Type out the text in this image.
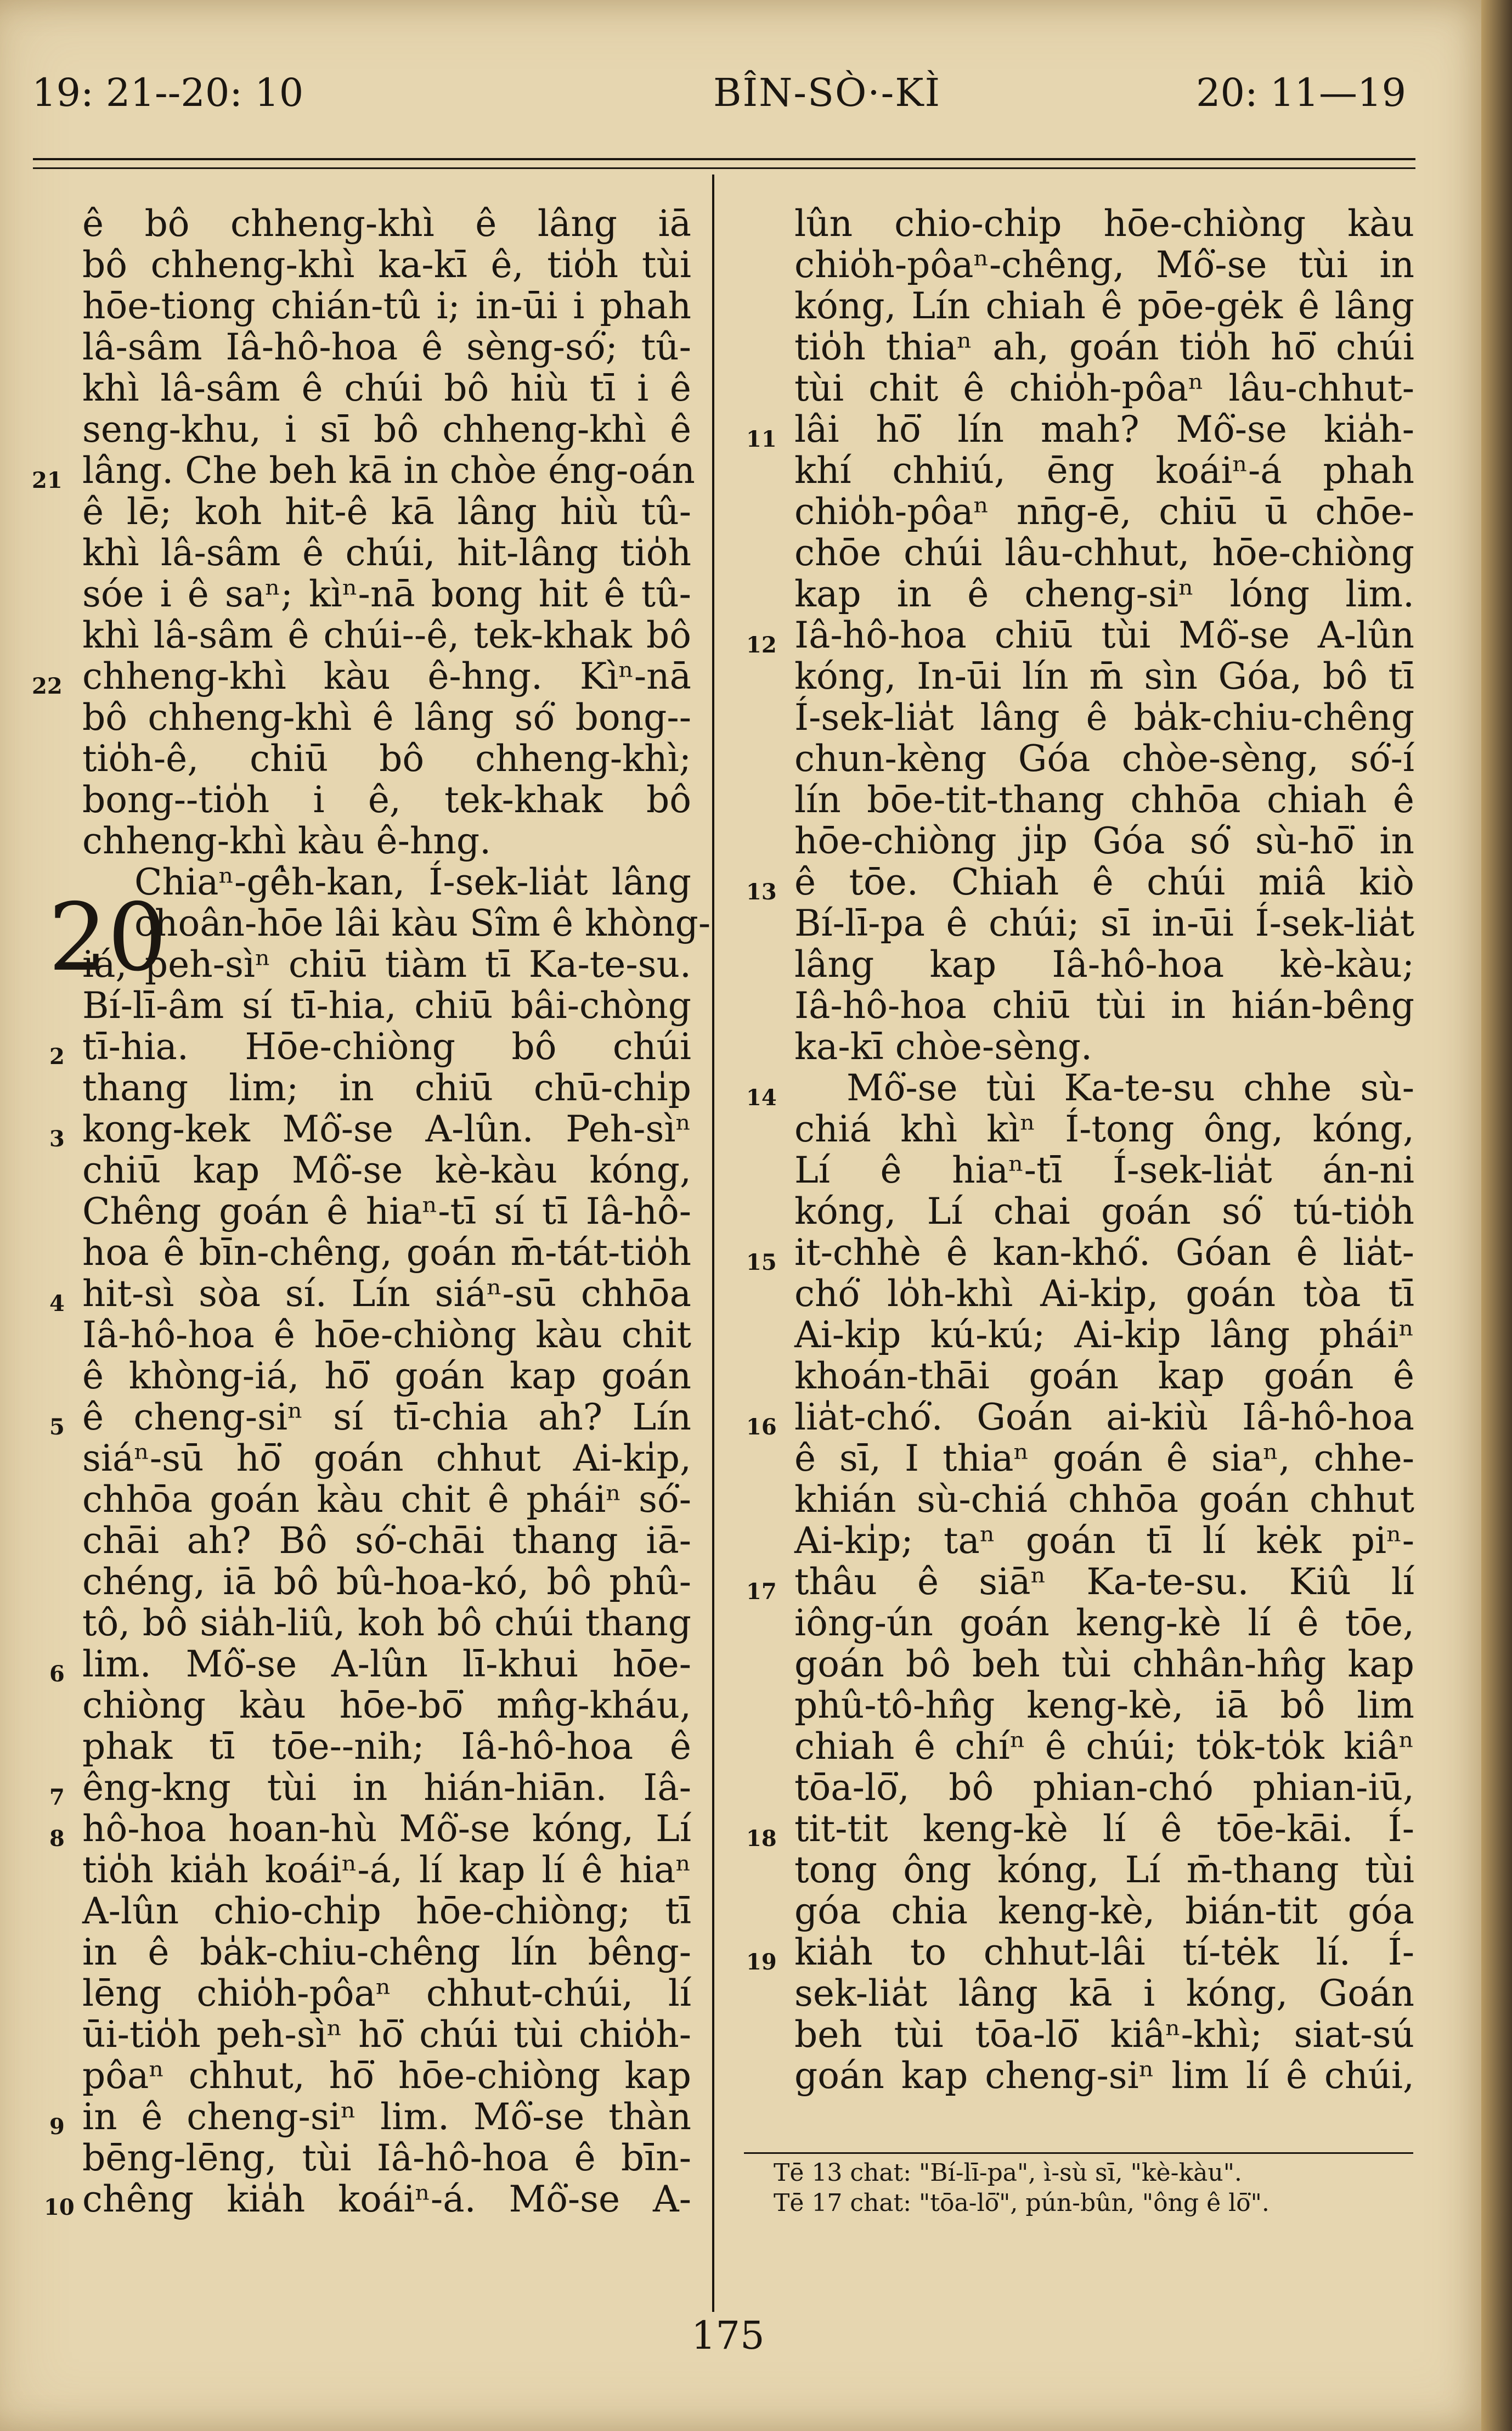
19: 21--20: 10	BÎN-SÒ·-KÌ	20: 11—19
20
21
22
2
3
4
5
6
7
8
9
10
ê bô chheng-khì ê lâng iā
bô chheng-khì ka-kī ê, tio̍h tùi
hōe-tiong chián-tû i; in-ūi i phah
lâ-sâm Iâ-hô-hoa ê sèng-só͘; tû-
khì lâ-sâm ê chúi bô hiù tī i ê
seng-khu, i sī bô chheng-khì ê
lâng. Che beh kā in chòe éng-oán
ê lē; koh hit-ê kā lâng hiù tû-
khì lâ-sâm ê chúi, hit-lâng tio̍h
sóe i ê saⁿ; kìⁿ-nā bong hit ê tû-
khì lâ-sâm ê chúi--ê, tek-khak bô
chheng-khì kàu ê-hng. Kìⁿ-nā
bô chheng-khì ê lâng só͘ bong--
tio̍h-ê, chiū bô chheng-khì;
bong--tio̍h i ê, tek-khak bô
chheng-khì kàu ê-hng.
Chiaⁿ-gê̍h-kan, Í-sek-lia̍t lâng
choân-hōe lâi kàu Sîm ê khòng-
iá, peh-sìⁿ chiū tiàm tī Ka-te-su.
Bí-lī-âm sí tī-hia, chiū bâi-chòng
tī-hia. Hōe-chiòng bô chúi
thang lim; in chiū chū-chi̍p
kong-kek Mô͘-se A-lûn. Peh-sìⁿ
chiū kap Mô͘-se kè-kàu kóng,
Chêng goán ê hiaⁿ-tī sí tī Iâ-hô-
hoa ê bīn-chêng, goán m̄-tát-tio̍h
hit-sì sòa sí. Lín siáⁿ-sū chhōa
Iâ-hô-hoa ê hōe-chiòng kàu chit
ê khòng-iá, hō͘ goán kap goán
ê cheng-siⁿ sí tī-chia ah? Lín
siáⁿ-sū hō͘ goán chhut Ai-ki̍p,
chhōa goán kàu chit ê pháiⁿ só͘-
chāi ah? Bô só͘-chāi thang iā-
chéng, iā bô bû-hoa-kó, bô phû-
tô, bô sia̍h-liû, koh bô chúi thang
lim. Mô͘-se A-lûn lī-khui hōe-
chiòng kàu hōe-bō͘ mn̂g-kháu,
phak tī tōe--nih; Iâ-hô-hoa ê
êng-kng tùi in hián-hiān. Iâ-
hô-hoa hoan-hù Mô͘-se kóng, Lí
tio̍h kia̍h koáiⁿ-á, lí kap lí ê hiaⁿ
A-lûn chio-chi̍p hōe-chiòng; tī
in ê ba̍k-chiu-chêng lín bêng-
lēng chio̍h-pôaⁿ chhut-chúi, lí
ūi-tio̍h peh-sìⁿ hō͘ chúi tùi chio̍h-
pôaⁿ chhut, hō͘ hōe-chiòng kap
in ê cheng-siⁿ lim. Mô͘-se thàn
bēng-lēng, tùi Iâ-hô-hoa ê bīn-
chêng kia̍h koáiⁿ-á. Mô͘-se A-
11
12
13
14
15
16
17
18
19
lûn chio-chi̍p hōe-chiòng kàu
chio̍h-pôaⁿ-chêng, Mô͘-se tùi in
kóng, Lín chiah ê pōe-gėk ê lâng
tio̍h thiaⁿ ah, goán tio̍h hō͘ chúi
tùi chit ê chio̍h-pôaⁿ lâu-chhut-
lâi hō͘ lín mah? Mô͘-se kia̍h-
khí chhiú, ēng koáiⁿ-á phah
chio̍h-pôaⁿ nn̄g-ē, chiū ū chōe-
chōe chúi lâu-chhut, hōe-chiòng
kap in ê cheng-siⁿ lóng lim.
Iâ-hô-hoa chiū tùi Mô͘-se A-lûn
kóng, In-ūi lín m̄ sìn Góa, bô tī
Í-sek-lia̍t lâng ê ba̍k-chiu-chêng
chun-kèng Góa chòe-sèng, só͘-í
lín bōe-tit-thang chhōa chiah ê
hōe-chiòng ji̍p Góa só͘ sù-hō͘ in
ê tōe. Chiah ê chúi miâ kiò
Bí-lī-pa ê chúi; sī in-ūi Í-sek-lia̍t
lâng kap Iâ-hô-hoa kè-kàu;
Iâ-hô-hoa chiū tùi in hián-bêng
ka-kī chòe-sèng.
Mô͘-se tùi Ka-te-su chhe sù-
chiá khì kìⁿ Í-tong ông, kóng,
Lí ê hiaⁿ-tī Í-sek-lia̍t án-ni
kóng, Lí chai goán só͘ tú-tio̍h
it-chhè ê kan-khó͘. Góan ê lia̍t-
chó͘ lo̍h-khì Ai-ki̍p, goán tòa tī
Ai-ki̍p kú-kú; Ai-ki̍p lâng pháiⁿ
khoán-thāi goán kap goán ê
lia̍t-chó͘. Goán ai-kiù Iâ-hô-hoa
ê sī, I thiaⁿ goán ê siaⁿ, chhe-
khián sù-chiá chhōa goán chhut
Ai-ki̍p; taⁿ goán tī lí kėk piⁿ-
thâu ê siāⁿ Ka-te-su. Kiû lí
iông-ún goán keng-kè lí ê tōe,
goán bô beh tùi chhân-hn̂g kap
phû-tô-hn̂g keng-kè, iā bô lim
chiah ê chíⁿ ê chúi; to̍k-to̍k kiâⁿ
tōa-lō͘, bô phian-chó phian-iū,
tit-tit keng-kè lí ê tōe-kāi. Í-
tong ông kóng, Lí m̄-thang tùi
góa chia keng-kè, bián-tit góa
kia̍h to chhut-lâi tí-tėk lí. Í-
sek-lia̍t lâng kā i kóng, Goán
beh tùi tōa-lō͘ kiâⁿ-khì; siat-sú
goán kap cheng-siⁿ lim lí ê chúi,
Tē 13 chat: "Bí-lī-pa", ì-sù sī, "kè-kàu".
Tē 17 chat: "tōa-lō͘", pún-bûn, "ông ê lō͘".
175
